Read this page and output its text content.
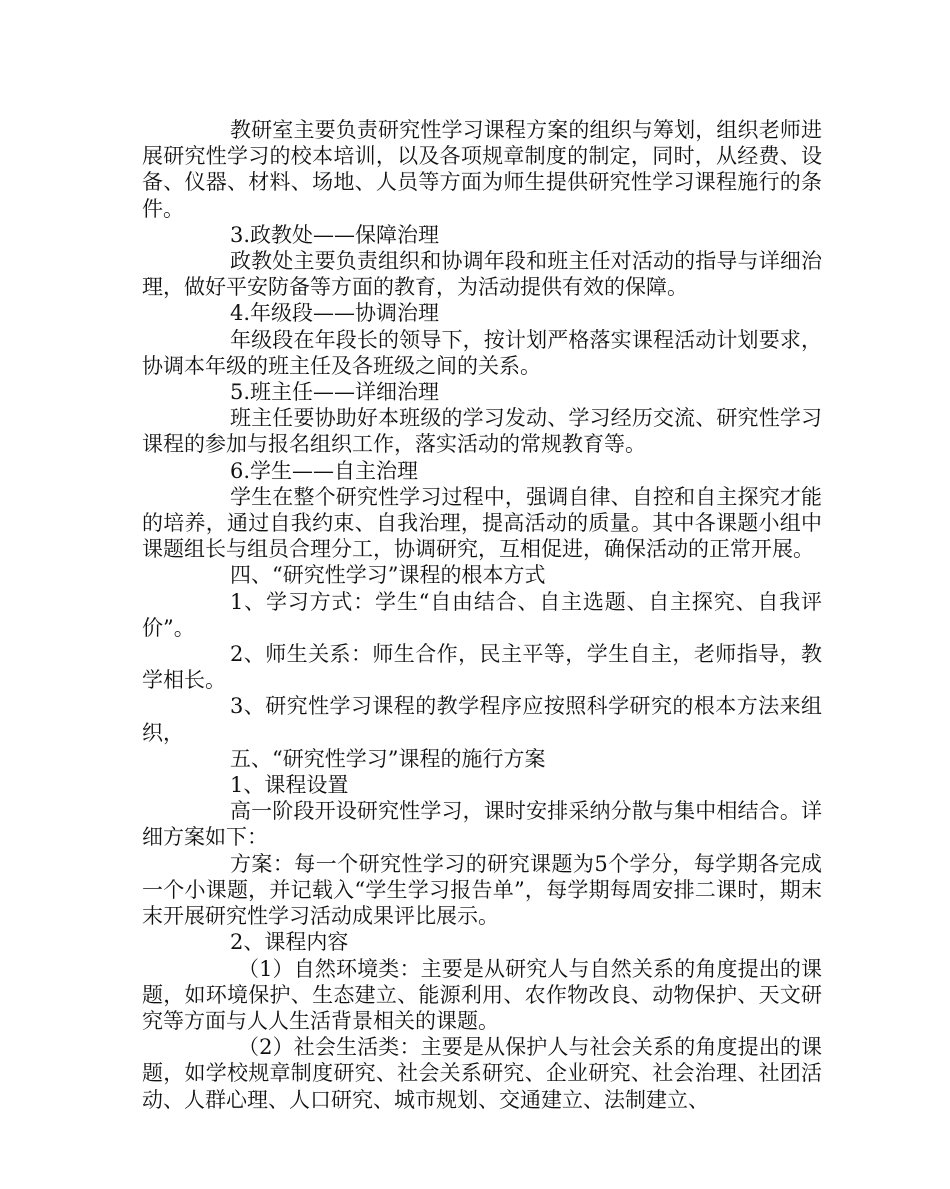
教研室主要负责研究性学习课程方案的组织与筹划，组织老师进展研究性学习的校本培训，以及各项规章制度的制定，同时，从经费、设备、仪器、材料、场地、人员等方面为师生提供研究性学习课程施行的条件。

3.政教处——保障治理

政教处主要负责组织和协调年段和班主任对活动的指导与详细治理，做好平安防备等方面的教育，为活动提供有效的保障。

4.年级段——协调治理

年级段在年段长的领导下，按计划严格落实课程活动计划要求，协调本年级的班主任及各班级之间的关系。

5.班主任——详细治理

班主任要协助好本班级的学习发动、学习经历交流、研究性学习课程的参加与报名组织工作，落实活动的常规教育等。

6.学生——自主治理

学生在整个研究性学习过程中，强调自律、自控和自主探究才能的培养，通过自我约束、自我治理，提高活动的质量。其中各课题小组中课题组长与组员合理分工，协调研究，互相促进，确保活动的正常开展。

四、“研究性学习”课程的根本方式

1、学习方式：学生“自由结合、自主选题、自主探究、自我评价”。

2、师生关系：师生合作，民主平等，学生自主，老师指导，教学相长。

3、研究性学习课程的教学程序应按照科学研究的根本方法来组织，

五、“研究性学习”课程的施行方案

1、课程设置

高一阶段开设研究性学习，课时安排采纳分散与集中相结合。详细方案如下：

方案：每一个研究性学习的研究课题为5个学分，每学期各完成一个小课题，并记载入“学生学习报告单”，每学期每周安排二课时，期末末开展研究性学习活动成果评比展示。

2、课程内容

（1）自然环境类：主要是从研究人与自然关系的角度提出的课题，如环境保护、生态建立、能源利用、农作物改良、动物保护、天文研究等方面与人人生活背景相关的课题。

（2）社会生活类：主要是从保护人与社会关系的角度提出的课题，如学校规章制度研究、社会关系研究、企业研究、社会治理、社团活动、人群心理、人口研究、城市规划、交通建立、法制建立、
